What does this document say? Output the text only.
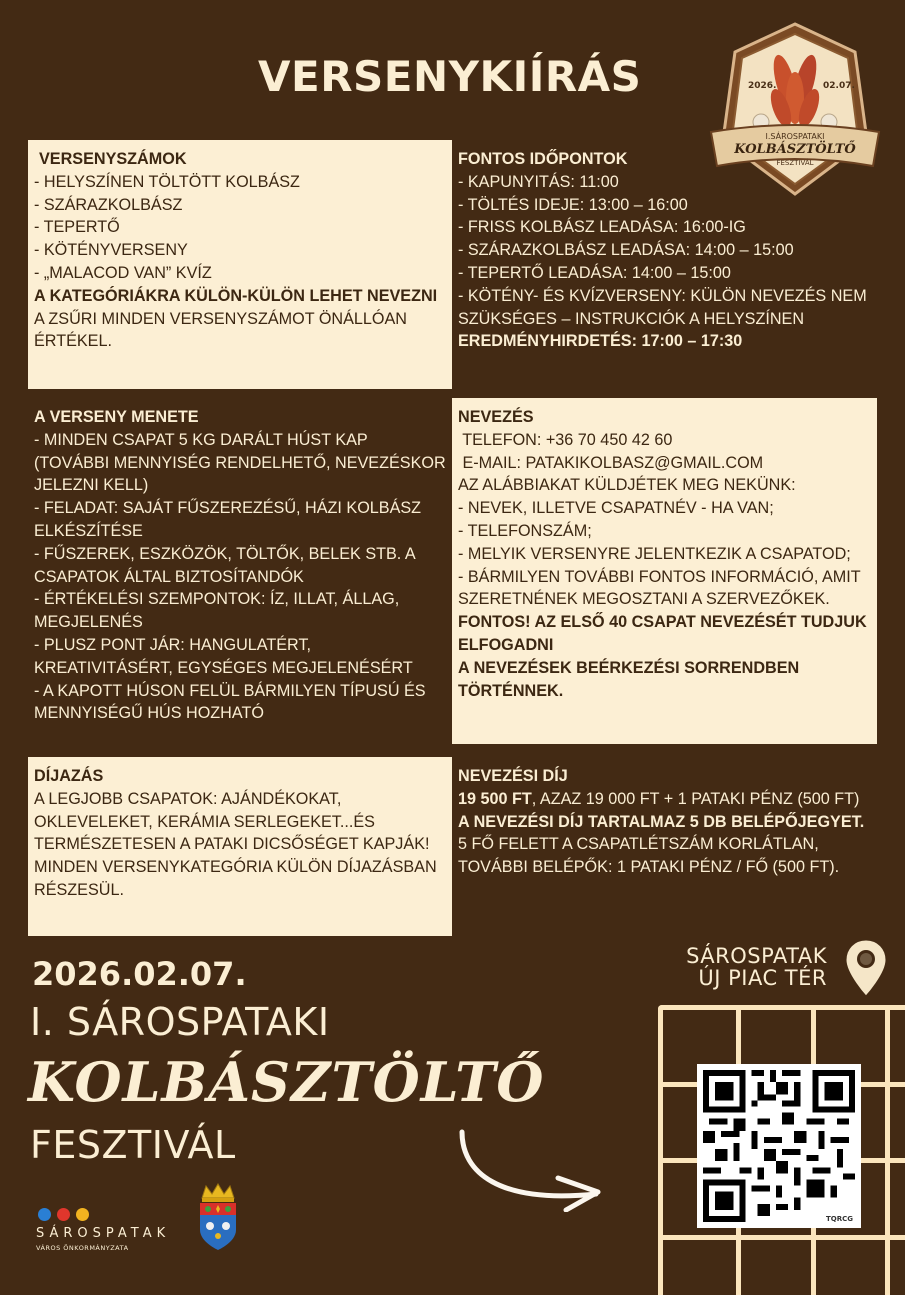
VERSENYKIÍRÁS	2026.	02.07.
I.SÁROSPATAKI
KOLBÁSZTÖLTŐ
FESZTIVÁL
VERSENYSZÁMOK
- HELYSZÍNEN TÖLTÖTT KOLBÁSZ
- SZÁRAZKOLBÁSZ
- TEPERTŐ
- KÖTÉNYVERSENY
- „MALACOD VAN” KVÍZ
A KATEGÓRIÁKRA KÜLÖN-KÜLÖN LEHET NEVEZNI
A ZSŰRI MINDEN VERSENYSZÁMOT ÖNÁLLÓAN ÉRTÉKEL.
FONTOS IDŐPONTOK
- KAPUNYITÁS: 11:00
- TÖLTÉS IDEJE: 13:00 – 16:00
- FRISS KOLBÁSZ LEADÁSA: 16:00-IG
- SZÁRAZKOLBÁSZ LEADÁSA: 14:00 – 15:00
- TEPERTŐ LEADÁSA: 14:00 – 15:00
- KÖTÉNY- ÉS KVÍZVERSENY: KÜLÖN NEVEZÉS NEM SZÜKSÉGES – INSTRUKCIÓK A HELYSZÍNEN
EREDMÉNYHIRDETÉS: 17:00 – 17:30
A VERSENY MENETE
- MINDEN CSAPAT 5 KG DARÁLT HÚST KAP (TOVÁBBI MENNYISÉG RENDELHETŐ, NEVEZÉSKOR JELEZNI KELL)
- FELADAT: SAJÁT FŰSZEREZÉSŰ, HÁZI KOLBÁSZ ELKÉSZÍTÉSE
- FŰSZEREK, ESZKÖZÖK, TÖLTŐK, BELEK STB. A CSAPATOK ÁLTAL BIZTOSÍTANDÓK
- ÉRTÉKELÉSI SZEMPONTOK: ÍZ, ILLAT, ÁLLAG, MEGJELENÉS
- PLUSZ PONT JÁR: HANGULATÉRT, KREATIVITÁSÉRT, EGYSÉGES MEGJELENÉSÉRT
- A KAPOTT HÚSON FELÜL BÁRMILYEN TÍPUSÚ ÉS MENNYISÉGŰ HÚS HOZHATÓ
NEVEZÉS
TELEFON: +36 70 450 42 60
E-MAIL: PATAKIKOLBASZ@GMAIL.COM
AZ ALÁBBIAKAT KÜLDJÉTEK MEG NEKÜNK:
- NEVEK, ILLETVE CSAPATNÉV - HA VAN;
- TELEFONSZÁM;
- MELYIK VERSENYRE JELENTKEZIK A CSAPATOD;
- BÁRMILYEN TOVÁBBI FONTOS INFORMÁCIÓ, AMIT SZERETNÉNEK MEGOSZTANI A SZERVEZŐKEK.
FONTOS! AZ ELSŐ 40 CSAPAT NEVEZÉSÉT TUDJUK ELFOGADNI
A NEVEZÉSEK BEÉRKEZÉSI SORRENDBEN TÖRTÉNNEK.
DÍJAZÁS
A LEGJOBB CSAPATOK: AJÁNDÉKOKAT, OKLEVELEKET, KERÁMIA SERLEGEKET...ÉS TERMÉSZETESEN A PATAKI DICSŐSÉGET KAPJÁK!
MINDEN VERSENYKATEGÓRIA KÜLÖN DÍJAZÁSBAN RÉSZESÜL.
NEVEZÉSI DÍJ
19 500 FT, AZAZ 19 000 FT + 1 PATAKI PÉNZ (500 FT)
A NEVEZÉSI DÍJ TARTALMAZ 5 DB BELÉPŐJEGYET.
5 FŐ FELETT A CSAPATLÉTSZÁM KORLÁTLAN, TOVÁBBI BELÉPŐK: 1 PATAKI PÉNZ / FŐ (500 FT).
2026.02.07.
I. SÁROSPATAKI
KOLBÁSZTÖLTŐ
FESZTIVÁL
SÁROSPATAK
ÚJ PIAC TÉR
TQRCG
SÁROSPATAK
VÁROS ÖNKORMÁNYZATA
